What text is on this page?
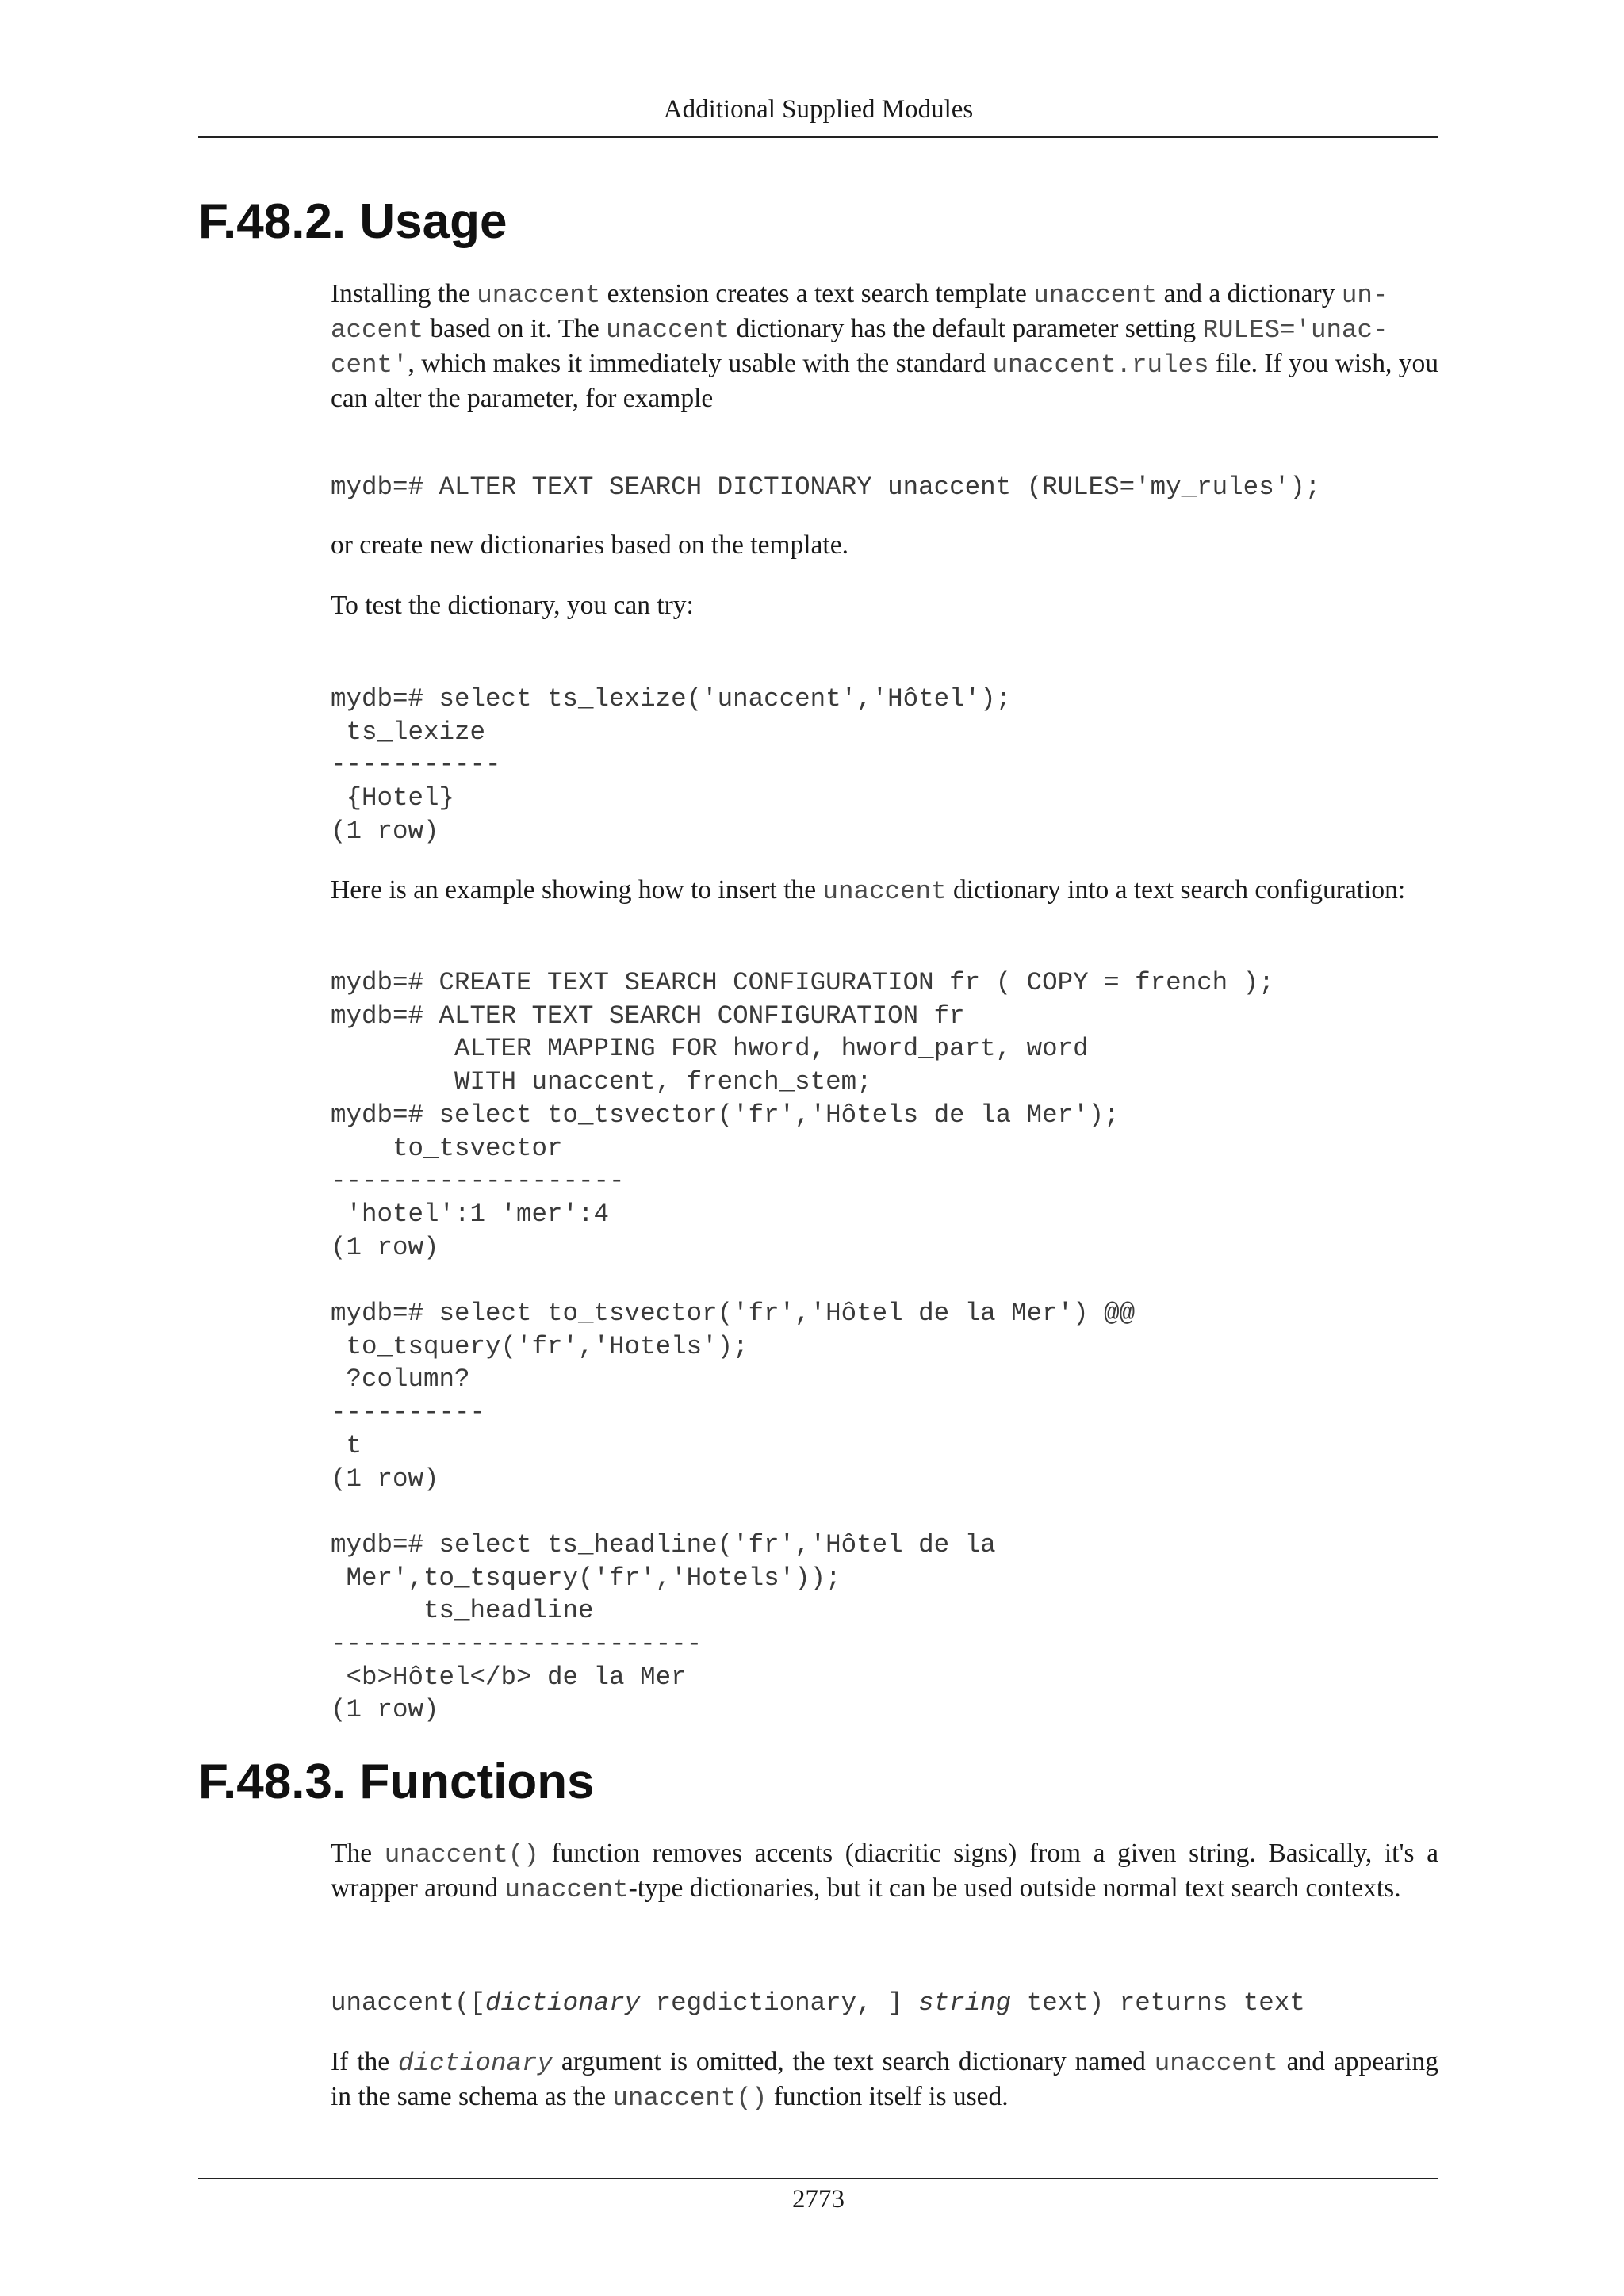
Additional Supplied Modules
F.48.2. Usage

Installing the unaccent extension creates a text search template unaccent and a dictionary un-
accent based on it. The unaccent dictionary has the default parameter setting RULES='unac-
cent', which makes it immediately usable with the standard unaccent.rules file. If you wish, you can alter the parameter, for example

mydb=# ALTER TEXT SEARCH DICTIONARY unaccent (RULES='my_rules');

or create new dictionaries based on the template.

To test the dictionary, you can try:

mydb=# select ts_lexize('unaccent','Hôtel');
ts_lexize
-----------
{Hotel}
(1 row)

Here is an example showing how to insert the unaccent dictionary into a text search configuration:

mydb=# CREATE TEXT SEARCH CONFIGURATION fr ( COPY = french );
mydb=# ALTER TEXT SEARCH CONFIGURATION fr
ALTER MAPPING FOR hword, hword_part, word
WITH unaccent, french_stem;
mydb=# select to_tsvector('fr','Hôtels de la Mer');
to_tsvector
-------------------
'hotel':1 'mer':4
(1 row)

mydb=# select to_tsvector('fr','Hôtel de la Mer') @@
to_tsquery('fr','Hotels');
?column?
----------
t
(1 row)

mydb=# select ts_headline('fr','Hôtel de la
Mer',to_tsquery('fr','Hotels'));
ts_headline
------------------------
<b>Hôtel</b> de la Mer
(1 row)
F.48.3. Functions

The unaccent() function removes accents (diacritic signs) from a given string. Basically, it's a wrapper around unaccent-type dictionaries, but it can be used outside normal text search contexts.

unaccent([dictionary regdictionary, ] string text) returns text

If the dictionary argument is omitted, the text search dictionary named unaccent and appearing in the same schema as the unaccent() function itself is used.

2773
